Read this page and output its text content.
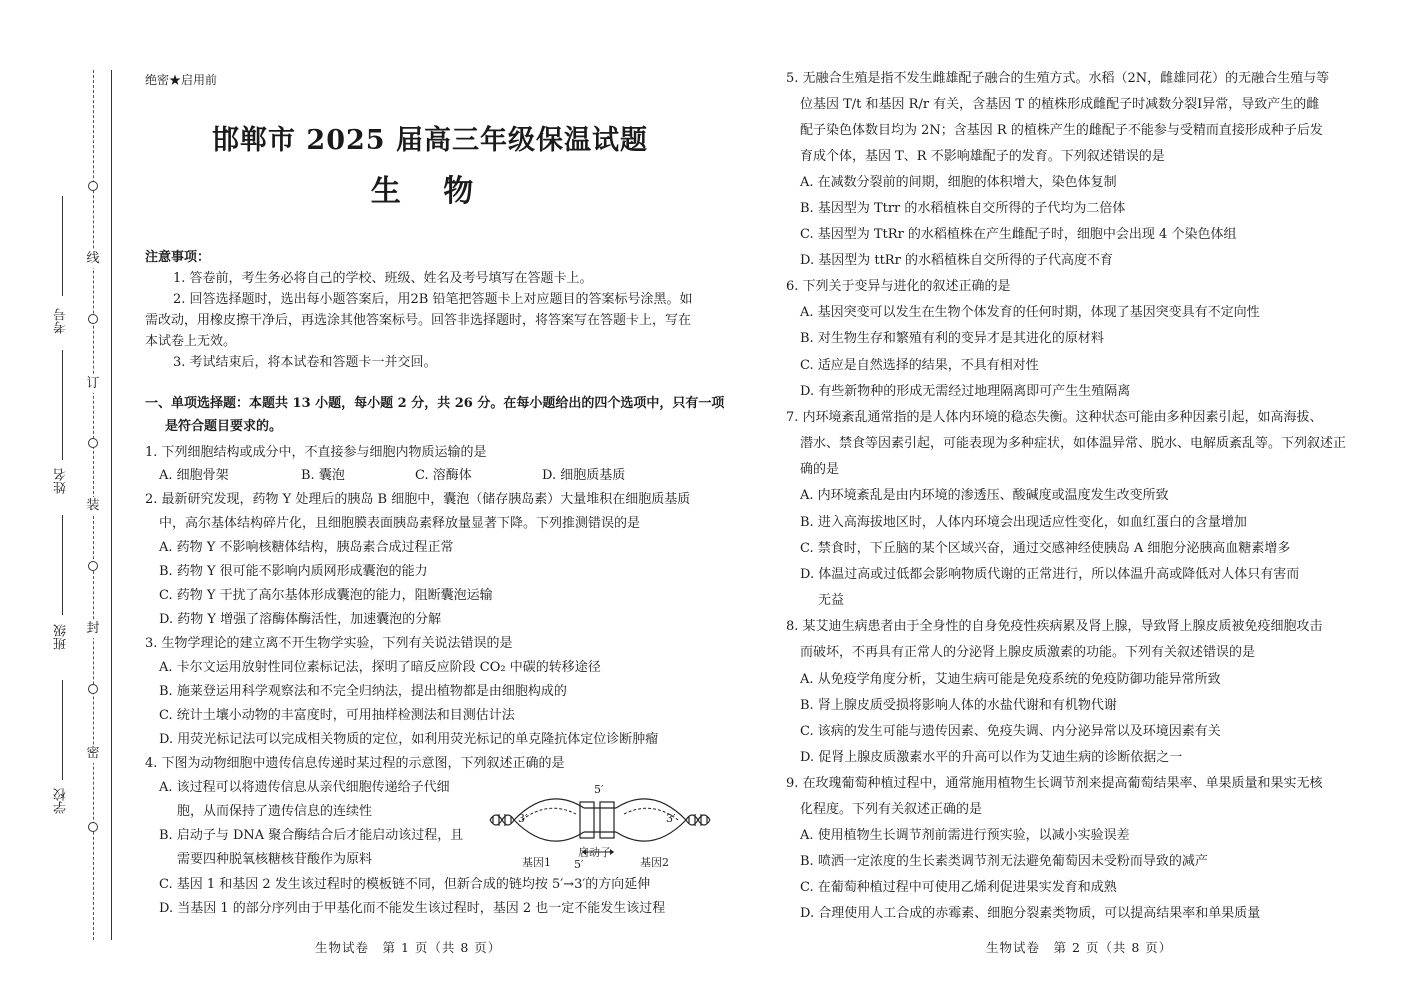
线
订
装
封
密
考号
姓名
班级
学校
绝密★启用前
邯郸市 2025 届高三年级保温试题
生 物
注意事项：
1. 答卷前，考生务必将自己的学校、班级、姓名及考号填写在答题卡上。
2. 回答选择题时，选出每小题答案后，用2B 铅笔把答题卡上对应题目的答案标号涂黑。如
需改动，用橡皮擦干净后，再选涂其他答案标号。回答非选择题时，将答案写在答题卡上，写在
本试卷上无效。
3. 考试结束后，将本试卷和答题卡一并交回。
一、单项选择题：本题共 13 小题，每小题 2 分，共 26 分。在每小题给出的四个选项中，只有一项
是符合题目要求的。
1. 下列细胞结构或成分中，不直接参与细胞内物质运输的是
A. 细胞骨架	B. 囊泡	C. 溶酶体	D. 细胞质基质
2. 最新研究发现，药物 Y 处理后的胰岛 B 细胞中，囊泡（储存胰岛素）大量堆积在细胞质基质
中，高尔基体结构碎片化，且细胞膜表面胰岛素释放量显著下降。下列推测错误的是
A. 药物 Y 不影响核糖体结构，胰岛素合成过程正常
B. 药物 Y 很可能不影响内质网形成囊泡的能力
C. 药物 Y 干扰了高尔基体形成囊泡的能力，阻断囊泡运输
D. 药物 Y 增强了溶酶体酶活性，加速囊泡的分解
3. 生物学理论的建立离不开生物学实验，下列有关说法错误的是
A. 卡尔文运用放射性同位素标记法，探明了暗反应阶段 CO₂ 中碳的转移途径
B. 施莱登运用科学观察法和不完全归纳法，提出植物都是由细胞构成的
C. 统计土壤小动物的丰富度时，可用抽样检测法和目测估计法
D. 用荧光标记法可以完成相关物质的定位，如利用荧光标记的单克隆抗体定位诊断肿瘤
4. 下图为动物细胞中遗传信息传递时某过程的示意图，下列叙述正确的是
A. 该过程可以将遗传信息从亲代细胞传递给子代细
胞，从而保持了遗传信息的连续性
B. 启动子与 DNA 聚合酶结合后才能启动该过程，且
需要四种脱氧核糖核苷酸作为原料
C. 基因 1 和基因 2 发生该过程时的模板链不同，但新合成的链均按 5′→3′的方向延伸
D. 当基因 1 的部分序列由于甲基化而不能发生该过程时，基因 2 也一定不能发生该过程
生物试卷　第 1 页（共 8 页）
5′
3′	3′
5′
基因1
启动子
基因2
5. 无融合生殖是指不发生雌雄配子融合的生殖方式。水稻（2N，雌雄同花）的无融合生殖与等
位基因 T/t 和基因 R/r 有关，含基因 T 的植株形成雌配子时减数分裂Ⅰ异常，导致产生的雌
配子染色体数目均为 2N；含基因 R 的植株产生的雌配子不能参与受精而直接形成种子后发
育成个体，基因 T、R 不影响雄配子的发育。下列叙述错误的是
A. 在减数分裂前的间期，细胞的体积增大，染色体复制
B. 基因型为 Ttrr 的水稻植株自交所得的子代均为二倍体
C. 基因型为 TtRr 的水稻植株在产生雌配子时，细胞中会出现 4 个染色体组
D. 基因型为 ttRr 的水稻植株自交所得的子代高度不育
6. 下列关于变异与进化的叙述正确的是
A. 基因突变可以发生在生物个体发育的任何时期，体现了基因突变具有不定向性
B. 对生物生存和繁殖有利的变异才是其进化的原材料
C. 适应是自然选择的结果，不具有相对性
D. 有些新物种的形成无需经过地理隔离即可产生生殖隔离
7. 内环境紊乱通常指的是人体内环境的稳态失衡。这种状态可能由多种因素引起，如高海拔、
潜水、禁食等因素引起，可能表现为多种症状，如体温异常、脱水、电解质紊乱等。下列叙述正
确的是
A. 内环境紊乱是由内环境的渗透压、酸碱度或温度发生改变所致
B. 进入高海拔地区时，人体内环境会出现适应性变化，如血红蛋白的含量增加
C. 禁食时，下丘脑的某个区域兴奋，通过交感神经使胰岛 A 细胞分泌胰高血糖素增多
D. 体温过高或过低都会影响物质代谢的正常进行，所以体温升高或降低对人体只有害而
无益
8. 某艾迪生病患者由于全身性的自身免疫性疾病累及肾上腺，导致肾上腺皮质被免疫细胞攻击
而破坏，不再具有正常人的分泌肾上腺皮质激素的功能。下列有关叙述错误的是
A. 从免疫学角度分析，艾迪生病可能是免疫系统的免疫防御功能异常所致
B. 肾上腺皮质受损将影响人体的水盐代谢和有机物代谢
C. 该病的发生可能与遗传因素、免疫失调、内分泌异常以及环境因素有关
D. 促肾上腺皮质激素水平的升高可以作为艾迪生病的诊断依据之一
9. 在玫瑰葡萄种植过程中，通常施用植物生长调节剂来提高葡萄结果率、单果质量和果实无核
化程度。下列有关叙述正确的是
A. 使用植物生长调节剂前需进行预实验，以减小实验误差
B. 喷洒一定浓度的生长素类调节剂无法避免葡萄因未受粉而导致的减产
C. 在葡萄种植过程中可使用乙烯利促进果实发育和成熟
D. 合理使用人工合成的赤霉素、细胞分裂素类物质，可以提高结果率和单果质量
生物试卷　第 2 页（共 8 页）
